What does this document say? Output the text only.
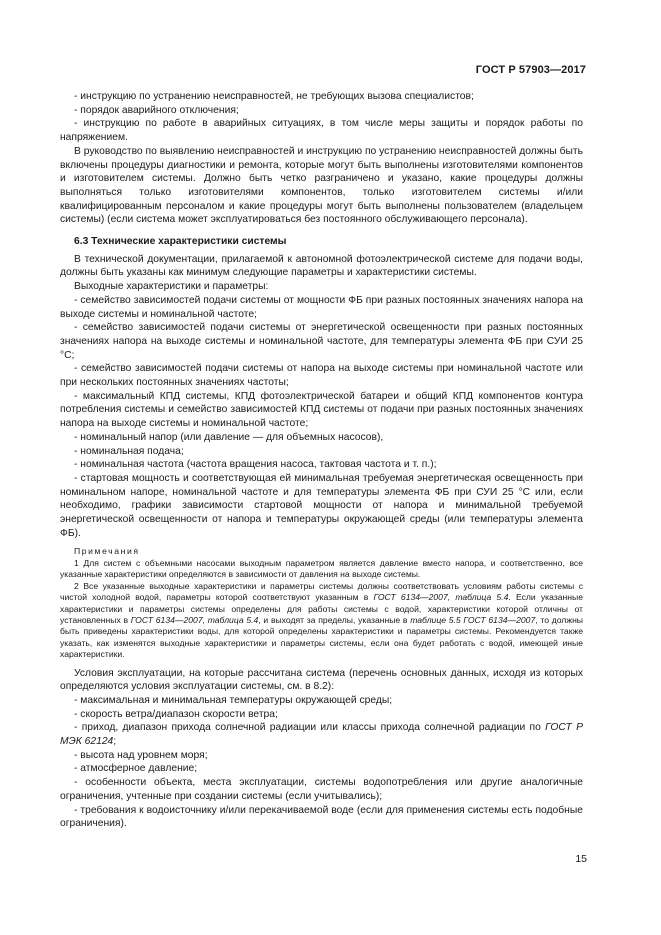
ГОСТ Р 57903—2017

- инструкцию по устранению неисправностей, не требующих вызова специалистов;

- порядок аварийного отключения;

- инструкцию по работе в аварийных ситуациях, в том числе меры защиты и порядок работы по напряжением.

В руководство по выявлению неисправностей и инструкцию по устранению неисправностей должны быть включены процедуры диагностики и ремонта, которые могут быть выполнены изготовителями компонентов и изготовителем системы. Должно быть четко разграничено и указано, какие процедуры должны выполняться только изготовителями компонентов, только изготовителем системы и/или квалифицированным персоналом и какие процедуры могут быть выполнены пользователем (владельцем системы) (если система может эксплуатироваться без постоянного обслуживающего персонала).

6.3 Технические характеристики системы

В технической документации, прилагаемой к автономной фотоэлектрической системе для подачи воды, должны быть указаны как минимум следующие параметры и характеристики системы.

Выходные характеристики и параметры:

- семейство зависимостей подачи системы от мощности ФБ при разных постоянных значениях напора на выходе системы и номинальной частоте;

- семейство зависимостей подачи системы от энергетической освещенности при разных постоянных значениях напора на выходе системы и номинальной частоте, для температуры элемента ФБ при СУИ 25 °С;

- семейство зависимостей подачи системы от напора на выходе системы при номинальной частоте или при нескольких постоянных значениях частоты;

- максимальный КПД системы, КПД фотоэлектрической батареи и общий КПД компонентов контура потребления системы и семейство зависимостей КПД системы от подачи при разных постоянных значениях напора на выходе системы и номинальной частоте;

- номинальный напор (или давление — для объемных насосов),

- номинальная подача;

- номинальная частота (частота вращения насоса, тактовая частота и т. п.);

- стартовая мощность и соответствующая ей минимальная требуемая энергетическая освещенность при номинальном напоре, номинальной частоте и для температуры элемента ФБ при СУИ 25 °С или, если необходимо, графики зависимости стартовой мощности от напора и минимальной требуемой энергетической освещенности от напора и температуры окружающей среды (или температуры элемента ФБ).

Примечания

1 Для систем с объемными насосами выходным параметром является давление вместо напора, и соответственно, все указанные характеристики определяются в зависимости от давления на выходе системы.

2 Все указанные выходные характеристики и параметры системы должны соответствовать условиям работы системы с чистой холодной водой, параметры которой соответствуют указанным в ГОСТ 6134—2007, таблица 5.4. Если указанные характеристики и параметры системы определены для работы системы с водой, характеристики которой отличны от установленных в ГОСТ 6134—2007, таблица 5.4, и выходят за пределы, указанные в таблице 5.5 ГОСТ 6134—2007, то должны быть приведены характеристики воды, для которой определены характеристики и параметры системы. Рекомендуется также указать, как изменятся выходные характеристики и параметры системы, если она будет работать с водой, имеющей иные характеристики.

Условия эксплуатации, на которые рассчитана система (перечень основных данных, исходя из которых определяются условия эксплуатации системы, см. в 8.2):

- максимальная и минимальная температуры окружающей среды;

- скорость ветра/диапазон скорости ветра;

- приход, диапазон прихода солнечной радиации или классы прихода солнечной радиации по ГОСТ Р МЭК 62124;

- высота над уровнем моря;

- атмосферное давление;

- особенности объекта, места эксплуатации, системы водопотребления или другие аналогичные ограничения, учтенные при создании системы (если учитывались);

- требования к водоисточнику и/или перекачиваемой воде (если для применения системы есть подобные ограничения).

15
